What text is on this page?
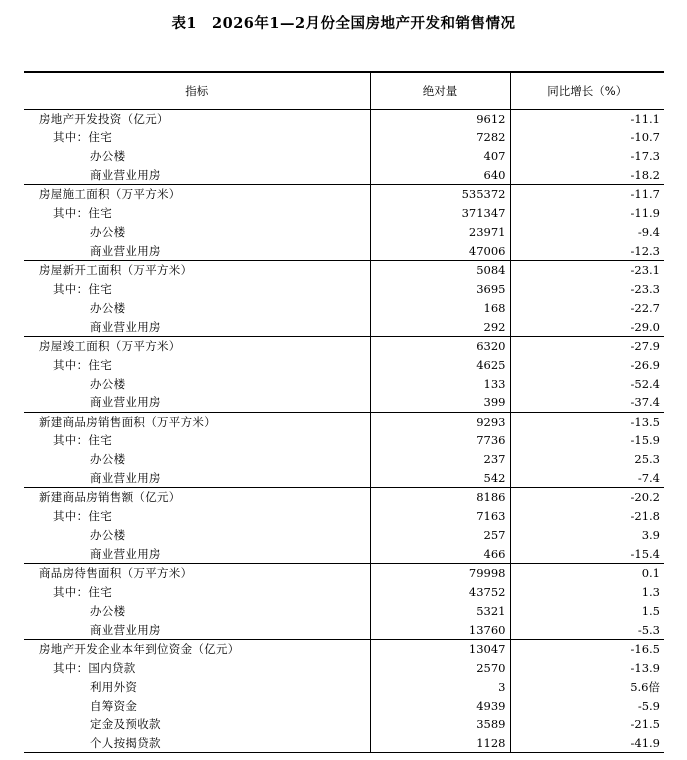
表1　2026年1—2月份全国房地产开发和销售情况
指标	绝对量	同比增长（%）
房地产开发投资（亿元）	9612	-11.1
其中：住宅	7282	-10.7
办公楼	407	-17.3
商业营业用房	640	-18.2
房屋施工面积（万平方米）	535372	-11.7
其中：住宅	371347	-11.9
办公楼	23971	-9.4
商业营业用房	47006	-12.3
房屋新开工面积（万平方米）	5084	-23.1
其中：住宅	3695	-23.3
办公楼	168	-22.7
商业营业用房	292	-29.0
房屋竣工面积（万平方米）	6320	-27.9
其中：住宅	4625	-26.9
办公楼	133	-52.4
商业营业用房	399	-37.4
新建商品房销售面积（万平方米）	9293	-13.5
其中：住宅	7736	-15.9
办公楼	237	25.3
商业营业用房	542	-7.4
新建商品房销售额（亿元）	8186	-20.2
其中：住宅	7163	-21.8
办公楼	257	3.9
商业营业用房	466	-15.4
商品房待售面积（万平方米）	79998	0.1
其中：住宅	43752	1.3
办公楼	5321	1.5
商业营业用房	13760	-5.3
房地产开发企业本年到位资金（亿元）	13047	-16.5
其中：国内贷款	2570	-13.9
利用外资	3	5.6倍
自筹资金	4939	-5.9
定金及预收款	3589	-21.5
个人按揭贷款	1128	-41.9
